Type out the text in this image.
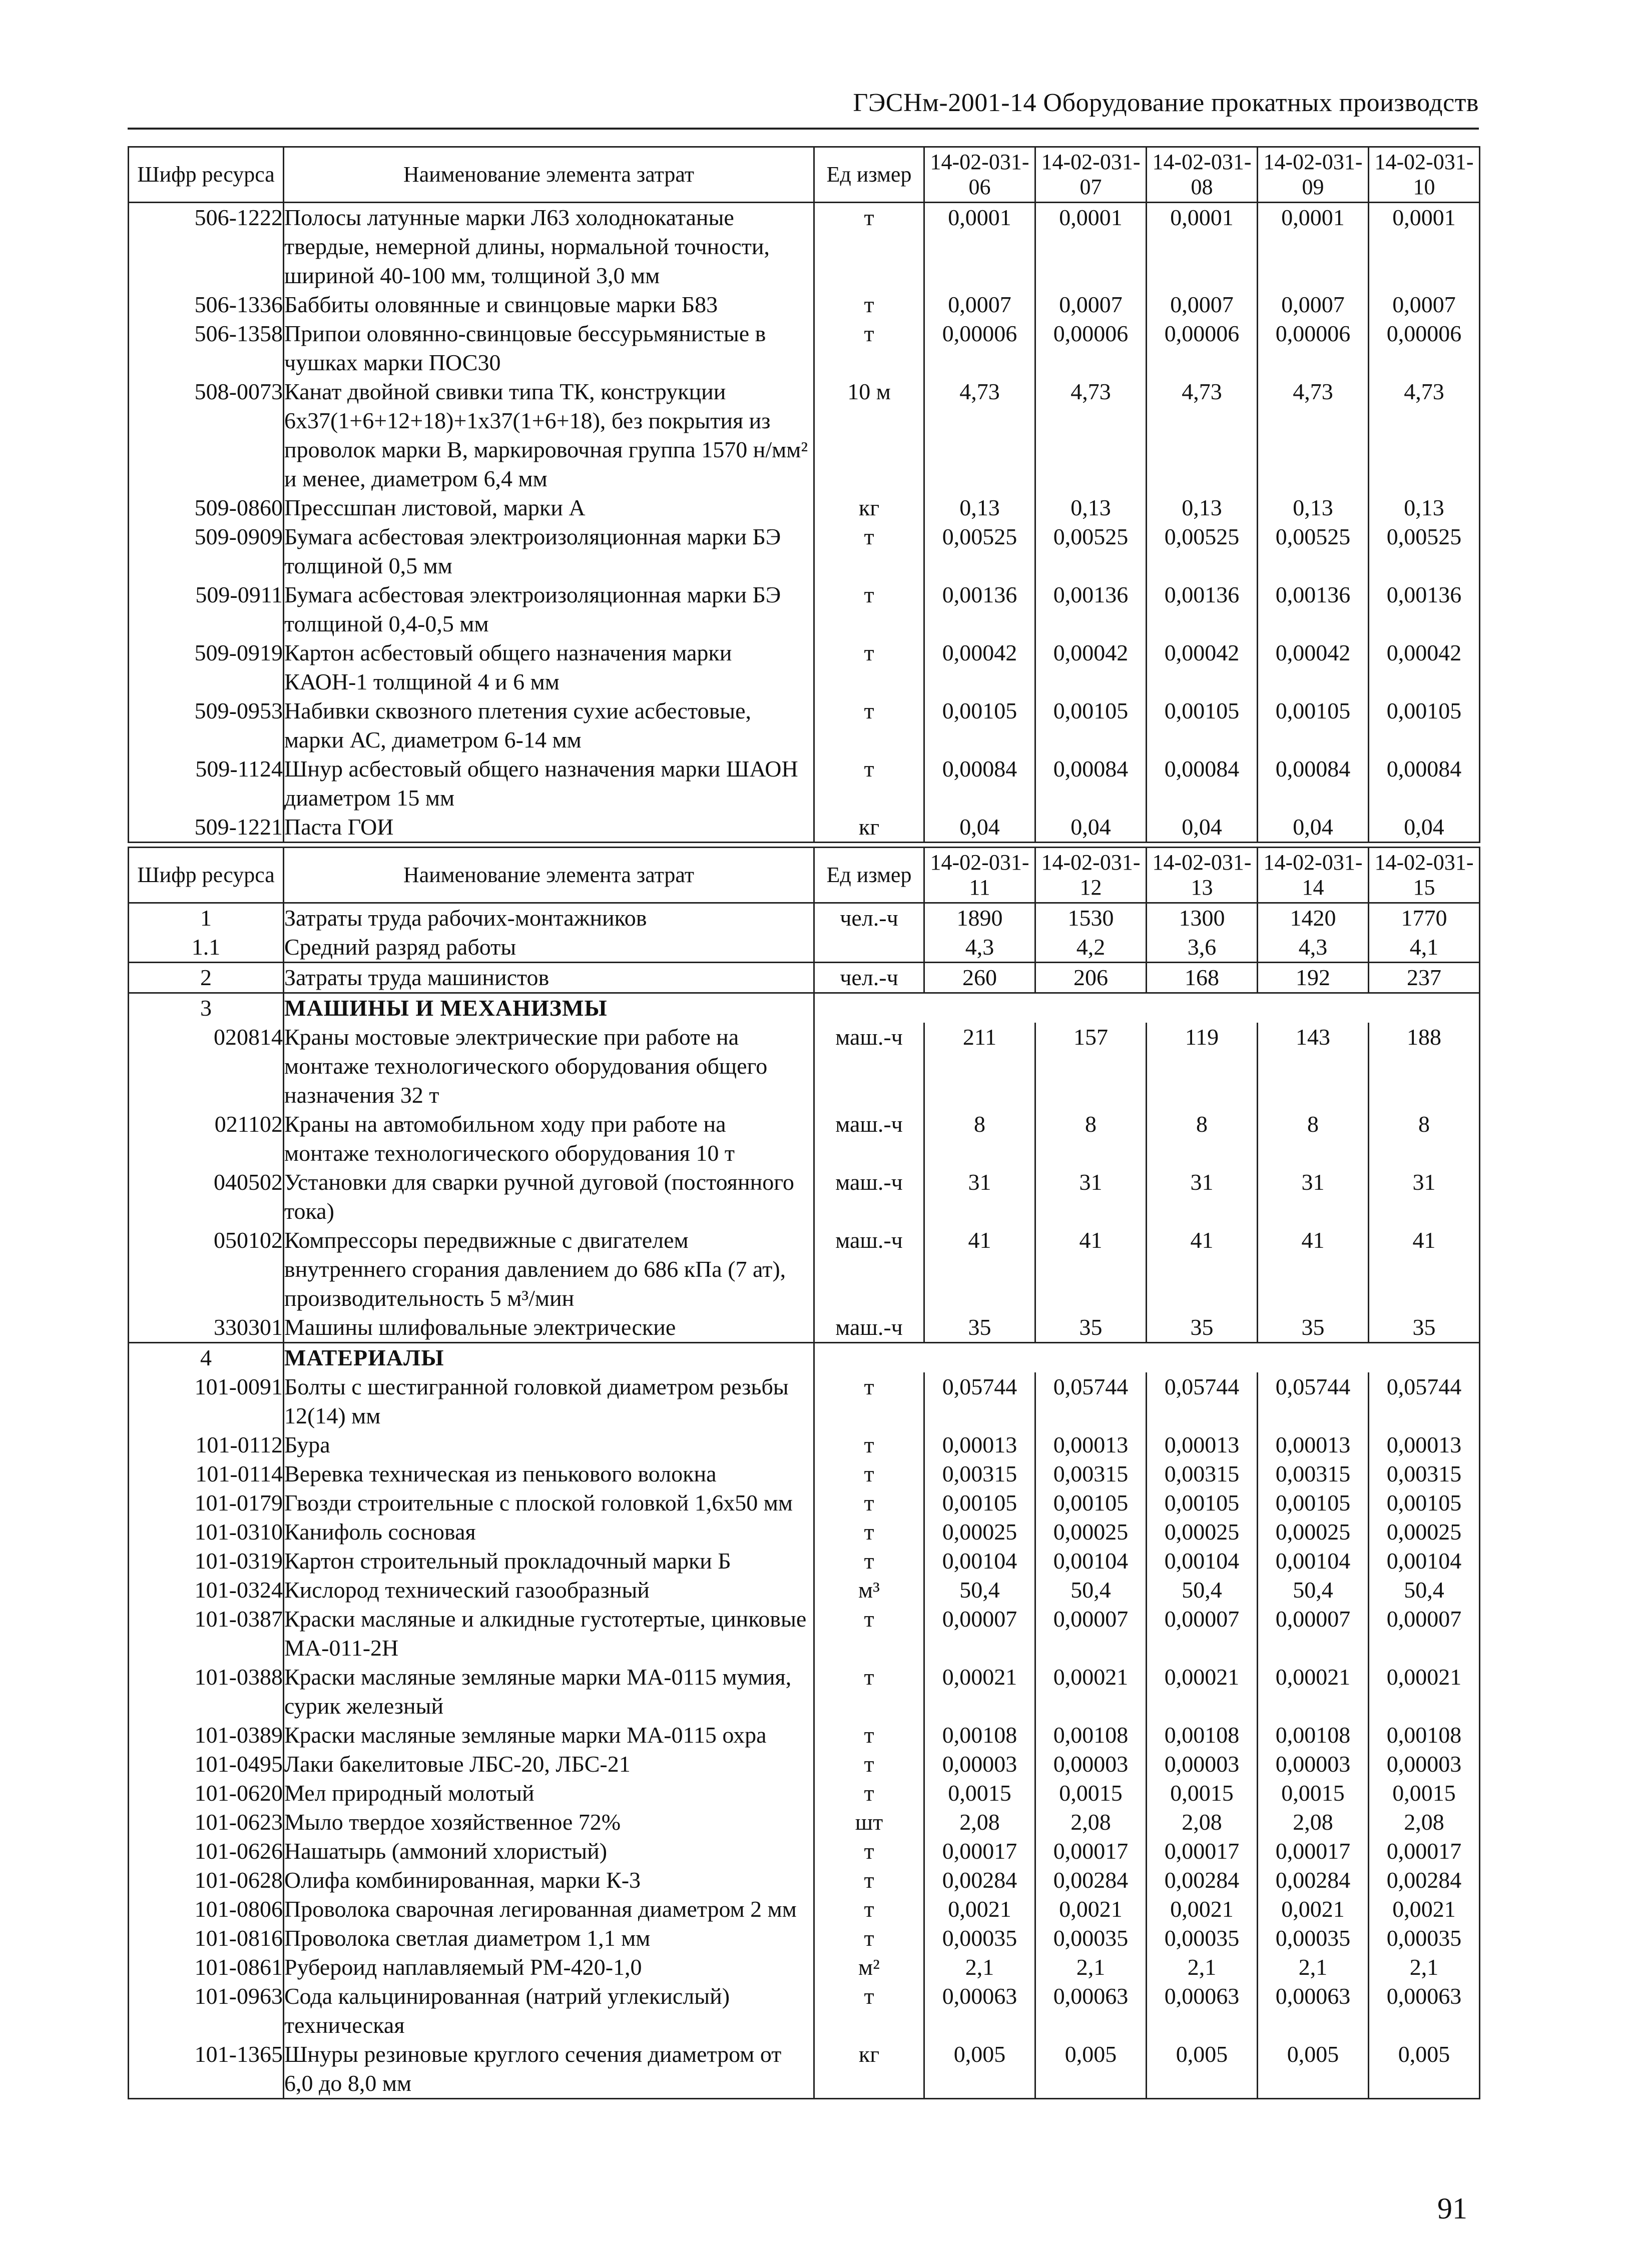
ГЭСНм-2001-14 Оборудование прокатных производств
Шифр ресурса	Наименование элемента затрат	Ед измер	14-02-031-06	14-02-031-07	14-02-031-08	14-02-031-09	14-02-031-10
506-1222	Полосы латунные марки Л63 холоднокатаные твердые, немерной длины, нормальной точности, шириной 40-100 мм, толщиной 3,0 мм	т	0,0001	0,0001	0,0001	0,0001	0,0001
506-1336	Баббиты оловянные и свинцовые марки Б83	т	0,0007	0,0007	0,0007	0,0007	0,0007
506-1358	Припои оловянно-свинцовые бессурьмянистые в чушках марки ПОС30	т	0,00006	0,00006	0,00006	0,00006	0,00006
508-0073	Канат двойной свивки типа ТК, конструкции 6х37(1+6+12+18)+1х37(1+6+18), без покрытия из проволок марки В, маркировочная группа 1570 н/мм² и менее, диаметром 6,4 мм	10 м	4,73	4,73	4,73	4,73	4,73
509-0860	Прессшпан листовой, марки А	кг	0,13	0,13	0,13	0,13	0,13
509-0909	Бумага асбестовая электроизоляционная марки БЭ толщиной 0,5 мм	т	0,00525	0,00525	0,00525	0,00525	0,00525
509-0911	Бумага асбестовая электроизоляционная марки БЭ толщиной 0,4-0,5 мм	т	0,00136	0,00136	0,00136	0,00136	0,00136
509-0919	Картон асбестовый общего назначения марки КАОН-1 толщиной 4 и 6 мм	т	0,00042	0,00042	0,00042	0,00042	0,00042
509-0953	Набивки сквозного плетения сухие асбестовые, марки АС, диаметром 6-14 мм	т	0,00105	0,00105	0,00105	0,00105	0,00105
509-1124	Шнур асбестовый общего назначения марки ШАОН диаметром 15 мм	т	0,00084	0,00084	0,00084	0,00084	0,00084
509-1221	Паста ГОИ	кг	0,04	0,04	0,04	0,04	0,04
Шифр ресурса	Наименование элемента затрат	Ед измер	14-02-031-11	14-02-031-12	14-02-031-13	14-02-031-14	14-02-031-15
1	Затраты труда рабочих-монтажников	чел.-ч	1890	1530	1300	1420	1770
1.1	Средний разряд работы		4,3	4,2	3,6	4,3	4,1
2	Затраты труда машинистов	чел.-ч	260	206	168	192	237
3	МАШИНЫ И МЕХАНИЗМЫ						
020814	Краны мостовые электрические при работе на монтаже технологического оборудования общего назначения 32 т	маш.-ч	211	157	119	143	188
021102	Краны на автомобильном ходу при работе на монтаже технологического оборудования 10 т	маш.-ч	8	8	8	8	8
040502	Установки для сварки ручной дуговой (постоянного тока)	маш.-ч	31	31	31	31	31
050102	Компрессоры передвижные с двигателем внутреннего сгорания давлением до 686 кПа (7 ат), производительность 5 м³/мин	маш.-ч	41	41	41	41	41
330301	Машины шлифовальные электрические	маш.-ч	35	35	35	35	35
4	МАТЕРИАЛЫ						
101-0091	Болты с шестигранной головкой диаметром резьбы 12(14) мм	т	0,05744	0,05744	0,05744	0,05744	0,05744
101-0112	Бура	т	0,00013	0,00013	0,00013	0,00013	0,00013
101-0114	Веревка техническая из пенькового волокна	т	0,00315	0,00315	0,00315	0,00315	0,00315
101-0179	Гвозди строительные с плоской головкой 1,6х50 мм	т	0,00105	0,00105	0,00105	0,00105	0,00105
101-0310	Канифоль сосновая	т	0,00025	0,00025	0,00025	0,00025	0,00025
101-0319	Картон строительный прокладочный марки Б	т	0,00104	0,00104	0,00104	0,00104	0,00104
101-0324	Кислород технический газообразный	м³	50,4	50,4	50,4	50,4	50,4
101-0387	Краски масляные и алкидные густотертые, цинковые МА-011-2Н	т	0,00007	0,00007	0,00007	0,00007	0,00007
101-0388	Краски масляные земляные марки МА-0115 мумия, сурик железный	т	0,00021	0,00021	0,00021	0,00021	0,00021
101-0389	Краски масляные земляные марки МА-0115 охра	т	0,00108	0,00108	0,00108	0,00108	0,00108
101-0495	Лаки бакелитовые ЛБС-20, ЛБС-21	т	0,00003	0,00003	0,00003	0,00003	0,00003
101-0620	Мел природный молотый	т	0,0015	0,0015	0,0015	0,0015	0,0015
101-0623	Мыло твердое хозяйственное 72%	шт	2,08	2,08	2,08	2,08	2,08
101-0626	Нашатырь (аммоний хлористый)	т	0,00017	0,00017	0,00017	0,00017	0,00017
101-0628	Олифа комбинированная, марки К-3	т	0,00284	0,00284	0,00284	0,00284	0,00284
101-0806	Проволока сварочная легированная диаметром 2 мм	т	0,0021	0,0021	0,0021	0,0021	0,0021
101-0816	Проволока светлая диаметром 1,1 мм	т	0,00035	0,00035	0,00035	0,00035	0,00035
101-0861	Рубероид наплавляемый РМ-420-1,0	м²	2,1	2,1	2,1	2,1	2,1
101-0963	Сода кальцинированная (натрий углекислый) техническая	т	0,00063	0,00063	0,00063	0,00063	0,00063
101-1365	Шнуры резиновые круглого сечения диаметром от 6,0 до 8,0 мм	кг	0,005	0,005	0,005	0,005	0,005
91
